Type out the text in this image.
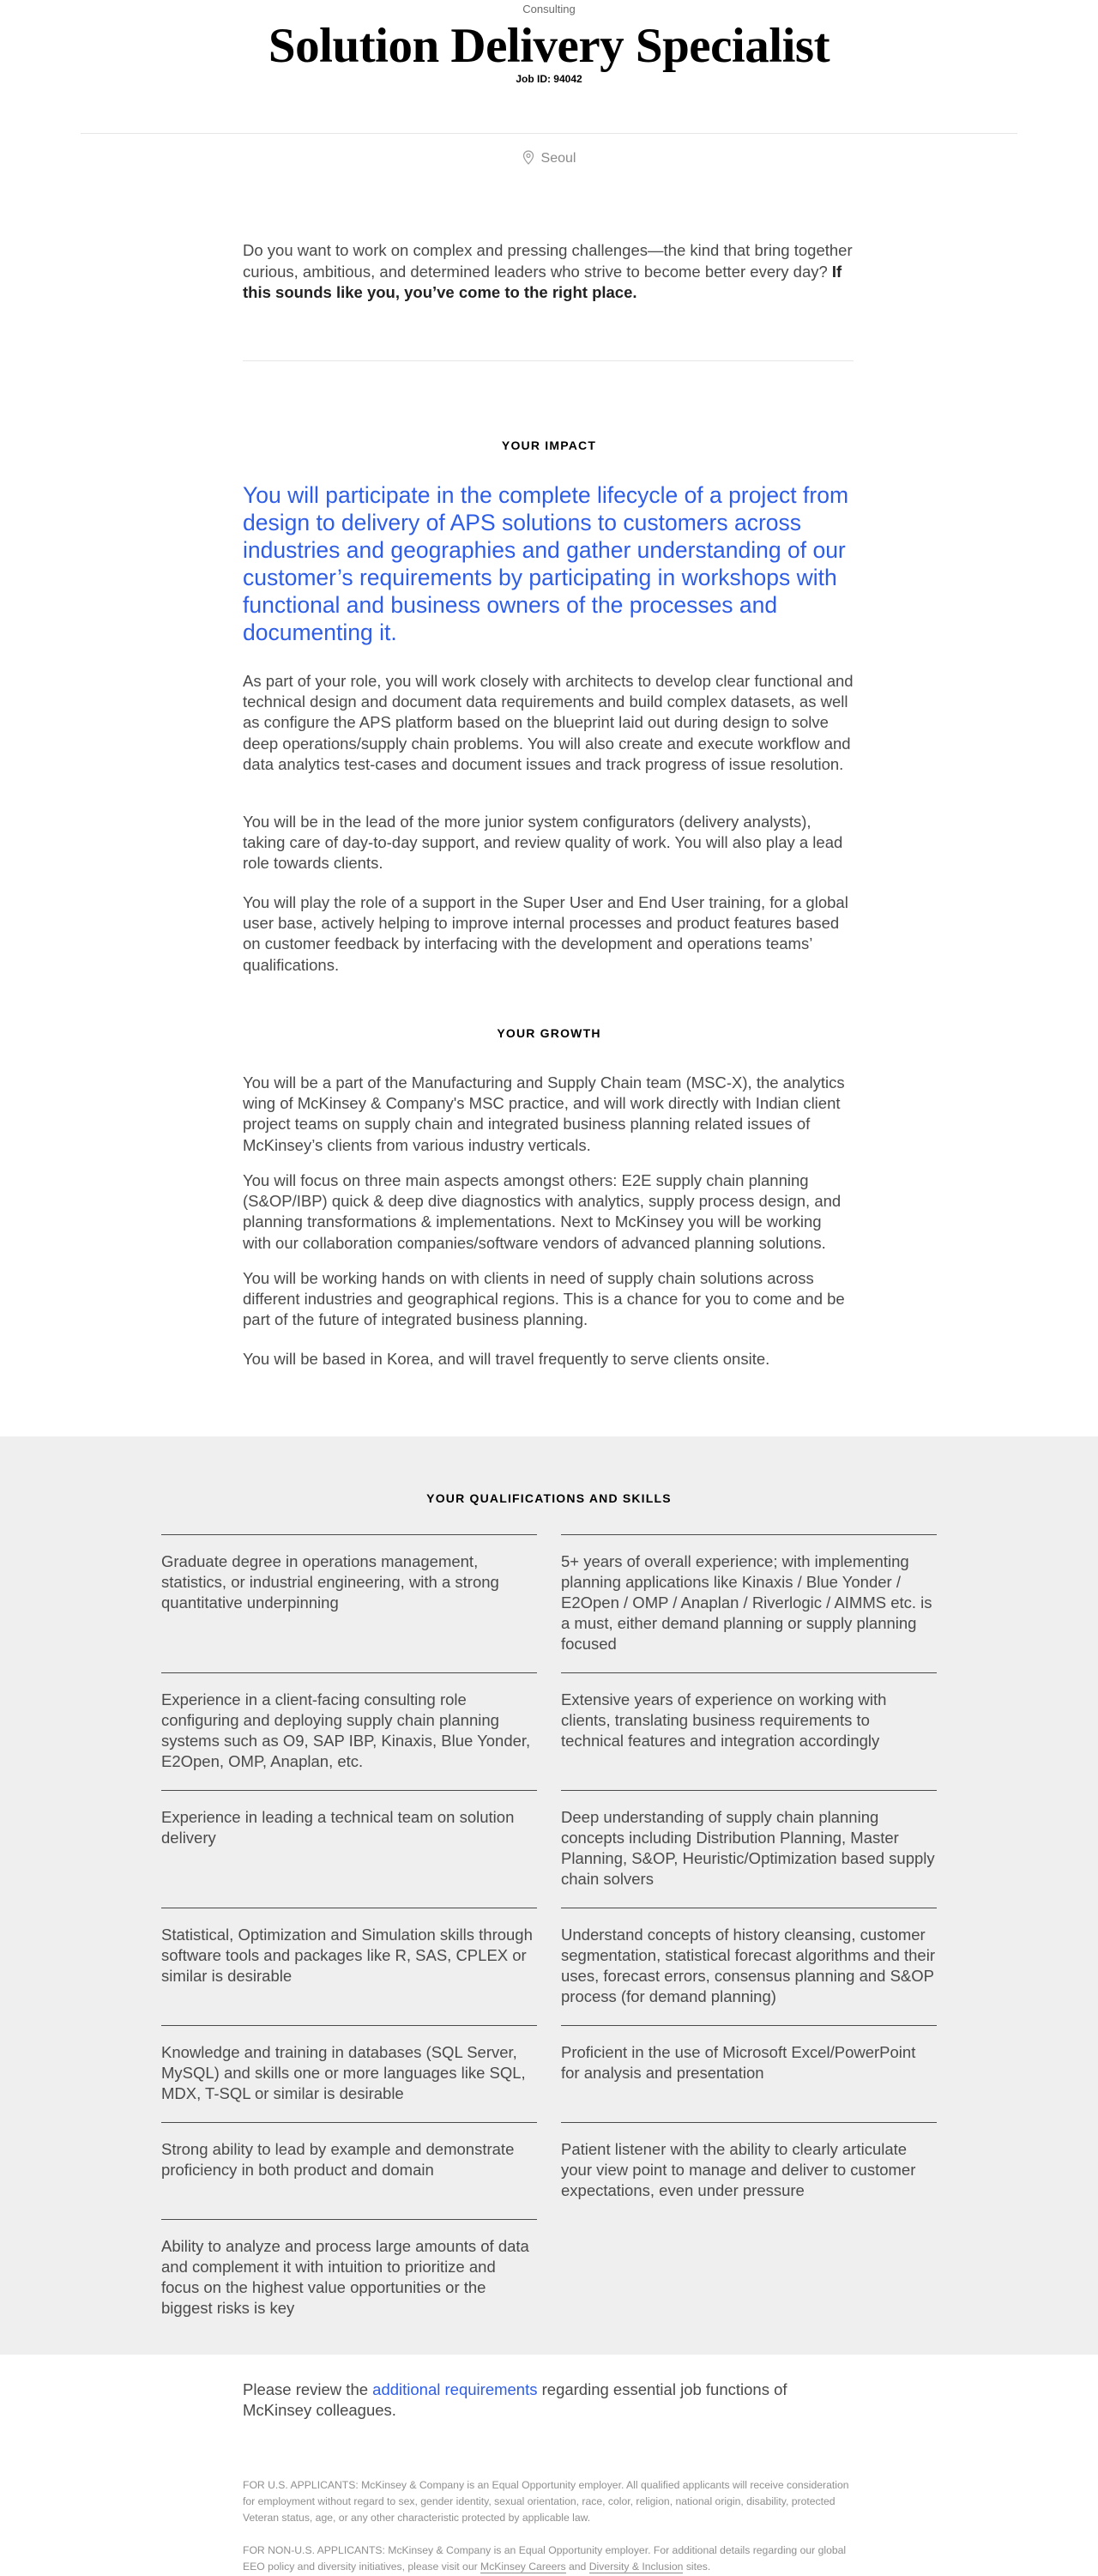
Consulting
Solution Delivery Specialist
Job ID: 94042
Seoul

Do you want to work on complex and pressing challenges—the kind that bring together curious, ambitious, and determined leaders who strive to become better every day? If this sounds like you, you’ve come to the right place.

YOUR IMPACT

You will participate in the complete lifecycle of a project from design to delivery of APS solutions to customers across industries and geographies and gather understanding of our customer’s requirements by participating in workshops with functional and business owners of the processes and documenting it.

As part of your role, you will work closely with architects to develop clear functional and technical design and document data requirements and build complex datasets, as well as configure the APS platform based on the blueprint laid out during design to solve deep operations/supply chain problems. You will also create and execute workflow and data analytics test-cases and document issues and track progress of issue resolution.

You will be in the lead of the more junior system configurators (delivery analysts), taking care of day-to-day support, and review quality of work. You will also play a lead role towards clients.

You will play the role of a support in the Super User and End User training, for a global user base, actively helping to improve internal processes and product features based on customer feedback by interfacing with the development and operations teams’ qualifications.

YOUR GROWTH

You will be a part of the Manufacturing and Supply Chain team (MSC-X), the analytics wing of McKinsey & Company's MSC practice, and will work directly with Indian client project teams on supply chain and integrated business planning related issues of McKinsey’s clients from various industry verticals.

You will focus on three main aspects amongst others: E2E supply chain planning (S&OP/IBP) quick & deep dive diagnostics with analytics, supply process design, and planning transformations & implementations. Next to McKinsey you will be working with our collaboration companies/software vendors of advanced planning solutions.

You will be working hands on with clients in need of supply chain solutions across different industries and geographical regions. This is a chance for you to come and be part of the future of integrated business planning.

You will be based in Korea, and will travel frequently to serve clients onsite.

YOUR QUALIFICATIONS AND SKILLS
Graduate degree in operations management, statistics, or industrial engineering, with a strong quantitative underpinning
5+ years of overall experience; with implementing planning applications like Kinaxis / Blue Yonder / E2Open / OMP / Anaplan / Riverlogic / AIMMS etc. is a must, either demand planning or supply planning focused
Experience in a client-facing consulting role configuring and deploying supply chain planning systems such as O9, SAP IBP, Kinaxis, Blue Yonder, E2Open, OMP, Anaplan, etc.
Extensive years of experience on working with clients, translating business requirements to technical features and integration accordingly
Experience in leading a technical team on solution delivery
Deep understanding of supply chain planning concepts including Distribution Planning, Master Planning, S&OP, Heuristic/Optimization based supply chain solvers
Statistical, Optimization and Simulation skills through software tools and packages like R, SAS, CPLEX or similar is desirable
Understand concepts of history cleansing, customer segmentation, statistical forecast algorithms and their uses, forecast errors, consensus planning and S&OP process (for demand planning)
Knowledge and training in databases (SQL Server, MySQL) and skills one or more languages like SQL, MDX, T-SQL or similar is desirable
Proficient in the use of Microsoft Excel/PowerPoint for analysis and presentation
Strong ability to lead by example and demonstrate proficiency in both product and domain
Patient listener with the ability to clearly articulate your view point to manage and deliver to customer expectations, even under pressure
Ability to analyze and process large amounts of data and complement it with intuition to prioritize and focus on the highest value opportunities or the biggest risks is key

Please review the additional requirements regarding essential job functions of McKinsey colleagues.

FOR U.S. APPLICANTS: McKinsey & Company is an Equal Opportunity employer. All qualified applicants will receive consideration for employment without regard to sex, gender identity, sexual orientation, race, color, religion, national origin, disability, protected Veteran status, age, or any other characteristic protected by applicable law.

FOR NON-U.S. APPLICANTS: McKinsey & Company is an Equal Opportunity employer. For additional details regarding our global EEO policy and diversity initiatives, please visit our McKinsey Careers and Diversity & Inclusion sites.
